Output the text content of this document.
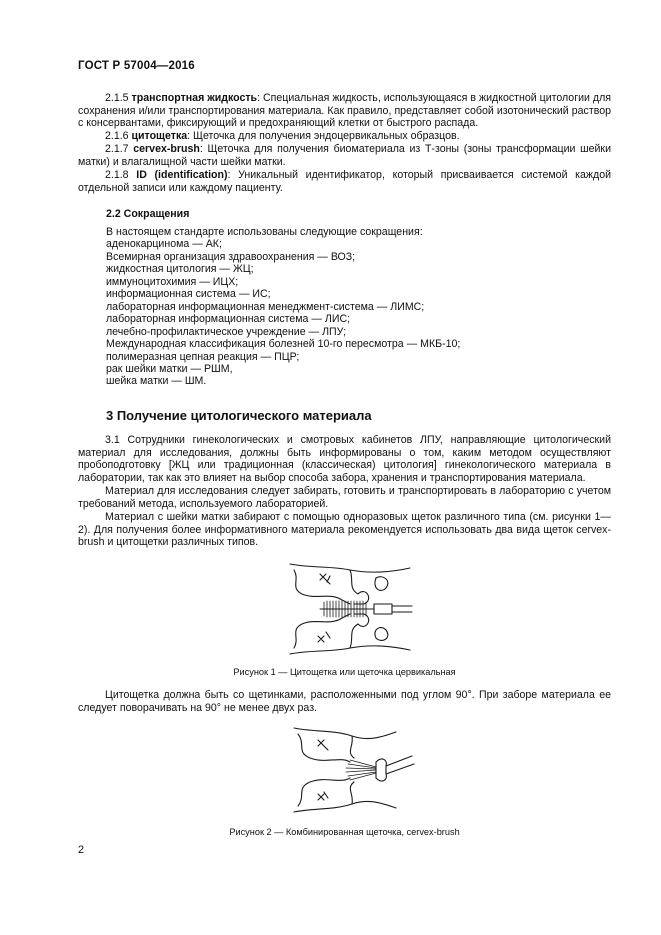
ГОСТ Р 57004—2016
2.1.5 транспортная жидкость: Специальная жидкость, использующаяся в жидкостной цитологии для сохранения и/или транспортирования материала. Как правило, представляет собой изотонический раствор с консервантами, фиксирующий и предохраняющий клетки от быстрого распада.
2.1.6 цитощетка: Щеточка для получения эндоцервикальных образцов.
2.1.7 cervex-brush: Щеточка для получения биоматериала из Т-зоны (зоны трансформации шейки матки) и влагалищной части шейки матки.
2.1.8 ID (identification): Уникальный идентификатор, который присваивается системой каждой отдельной записи или каждому пациенту.
2.2 Сокращения
В настоящем стандарте использованы следующие сокращения:
аденокарцинома — АК;
Всемирная организация здравоохранения — ВОЗ;
жидкостная цитология — ЖЦ;
иммуноцитохимия — ИЦХ;
информационная система — ИС;
лабораторная информационная менеджмент-система — ЛИМС;
лабораторная информационная система — ЛИС;
лечебно-профилактическое учреждение — ЛПУ;
Международная классификация болезней 10-го пересмотра — МКБ-10;
полимеразная цепная реакция — ПЦР;
рак шейки матки — РШМ,
шейка матки — ШМ.
3 Получение цитологического материала
3.1 Сотрудники гинекологических и смотровых кабинетов ЛПУ, направляющие цитологический материал для исследования, должны быть информированы о том, каким методом осуществляют пробоподготовку [ЖЦ или традиционная (классическая) цитология] гинекологического материала в лаборатории, так как это влияет на выбор способа забора, хранения и транспортирования материала.
Материал для исследования следует забирать, готовить и транспортировать в лабораторию с учетом требований метода, используемого лабораторией.
Материал с шейки матки забирают с помощью одноразовых щеток различного типа (см. рисунки 1—2). Для получения более информативного материала рекомендуется использовать два вида щеток cervex-brush и цитощетки различных типов.
Рисунок 1 — Цитощетка или щеточка цервикальная
Цитощетка должна быть со щетинками, расположенными под углом 90°. При заборе материала ее следует поворачивать на 90° не менее двух раз.
Рисунок 2 — Комбинированная щеточка, cervex-brush
2
